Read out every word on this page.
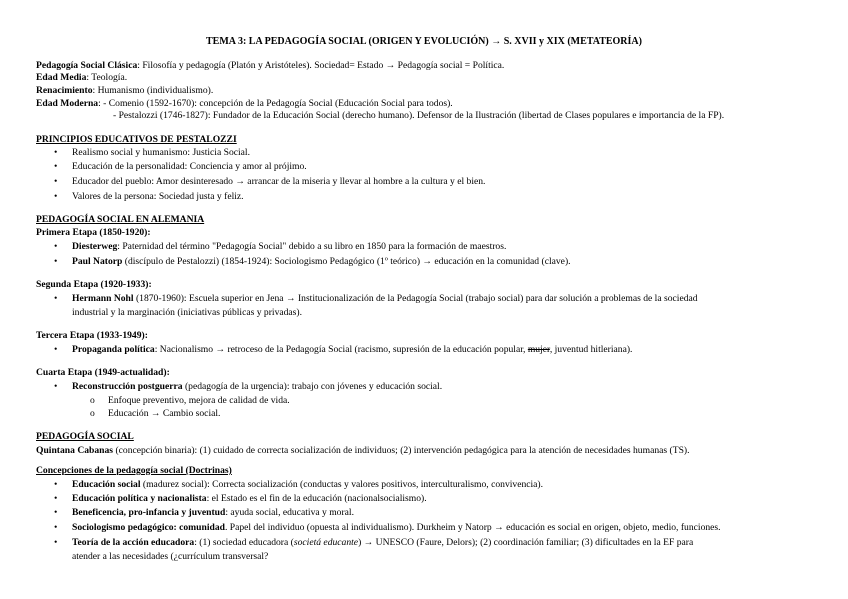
TEMA 3: LA PEDAGOGÍA SOCIAL (ORIGEN Y EVOLUCIÓN) → S. XVII y XIX (METATEORÍA)
Pedagogía Social Clásica: Filosofía y pedagogía (Platón y Aristóteles). Sociedad= Estado → Pedagogía social = Política.
Edad Media: Teología.
Renacimiento: Humanismo (individualismo).
Edad Moderna: - Comenio (1592-1670): concepción de la Pedagogía Social (Educación Social para todos).
- Pestalozzi (1746-1827): Fundador de la Educación Social (derecho humano). Defensor de la Ilustración (libertad de Clases populares e importancia de la FP).
PRINCIPIOS EDUCATIVOS DE PESTALOZZI
• Realismo social y humanismo: Justicia Social.
• Educación de la personalidad: Conciencia y amor al prójimo.
• Educador del pueblo: Amor desinteresado → arrancar de la miseria y llevar al hombre a la cultura y el bien.
• Valores de la persona: Sociedad justa y feliz.
PEDAGOGÍA SOCIAL EN ALEMANIA
Primera Etapa (1850-1920):
• Diesterweg: Paternidad del término "Pedagogía Social" debido a su libro en 1850 para la formación de maestros.
• Paul Natorp (discípulo de Pestalozzi) (1854-1924): Sociologismo Pedagógico (1º teórico) → educación en la comunidad (clave).
Segunda Etapa (1920-1933):
• Hermann Nohl (1870-1960): Escuela superior en Jena → Institucionalización de la Pedagogía Social (trabajo social) para dar solución a problemas de la sociedad
industrial y la marginación (iniciativas públicas y privadas).
Tercera Etapa (1933-1949):
• Propaganda política: Nacionalismo → retroceso de la Pedagogía Social (racismo, supresión de la educación popular, mujer, juventud hitleriana).
Cuarta Etapa (1949-actualidad):
• Reconstrucción postguerra (pedagogía de la urgencia): trabajo con jóvenes y educación social.
o Enfoque preventivo, mejora de calidad de vida.
o Educación → Cambio social.
PEDAGOGÍA SOCIAL
Quintana Cabanas (concepción binaria): (1) cuidado de correcta socialización de individuos; (2) intervención pedagógica para la atención de necesidades humanas (TS).
Concepciones de la pedagogía social (Doctrinas)
• Educación social (madurez social): Correcta socialización (conductas y valores positivos, interculturalismo, convivencia).
• Educación política y nacionalista: el Estado es el fin de la educación (nacionalsocialismo).
• Beneficencia, pro-infancia y juventud: ayuda social, educativa y moral.
• Sociologismo pedagógico: comunidad. Papel del individuo (opuesta al individualismo). Durkheim y Natorp → educación es social en origen, objeto, medio, funciones.
• Teoría de la acción educadora: (1) sociedad educadora (societá educante) → UNESCO (Faure, Delors); (2) coordinación familiar; (3) dificultades en la EF para
atender a las necesidades (¿currículum transversal?
